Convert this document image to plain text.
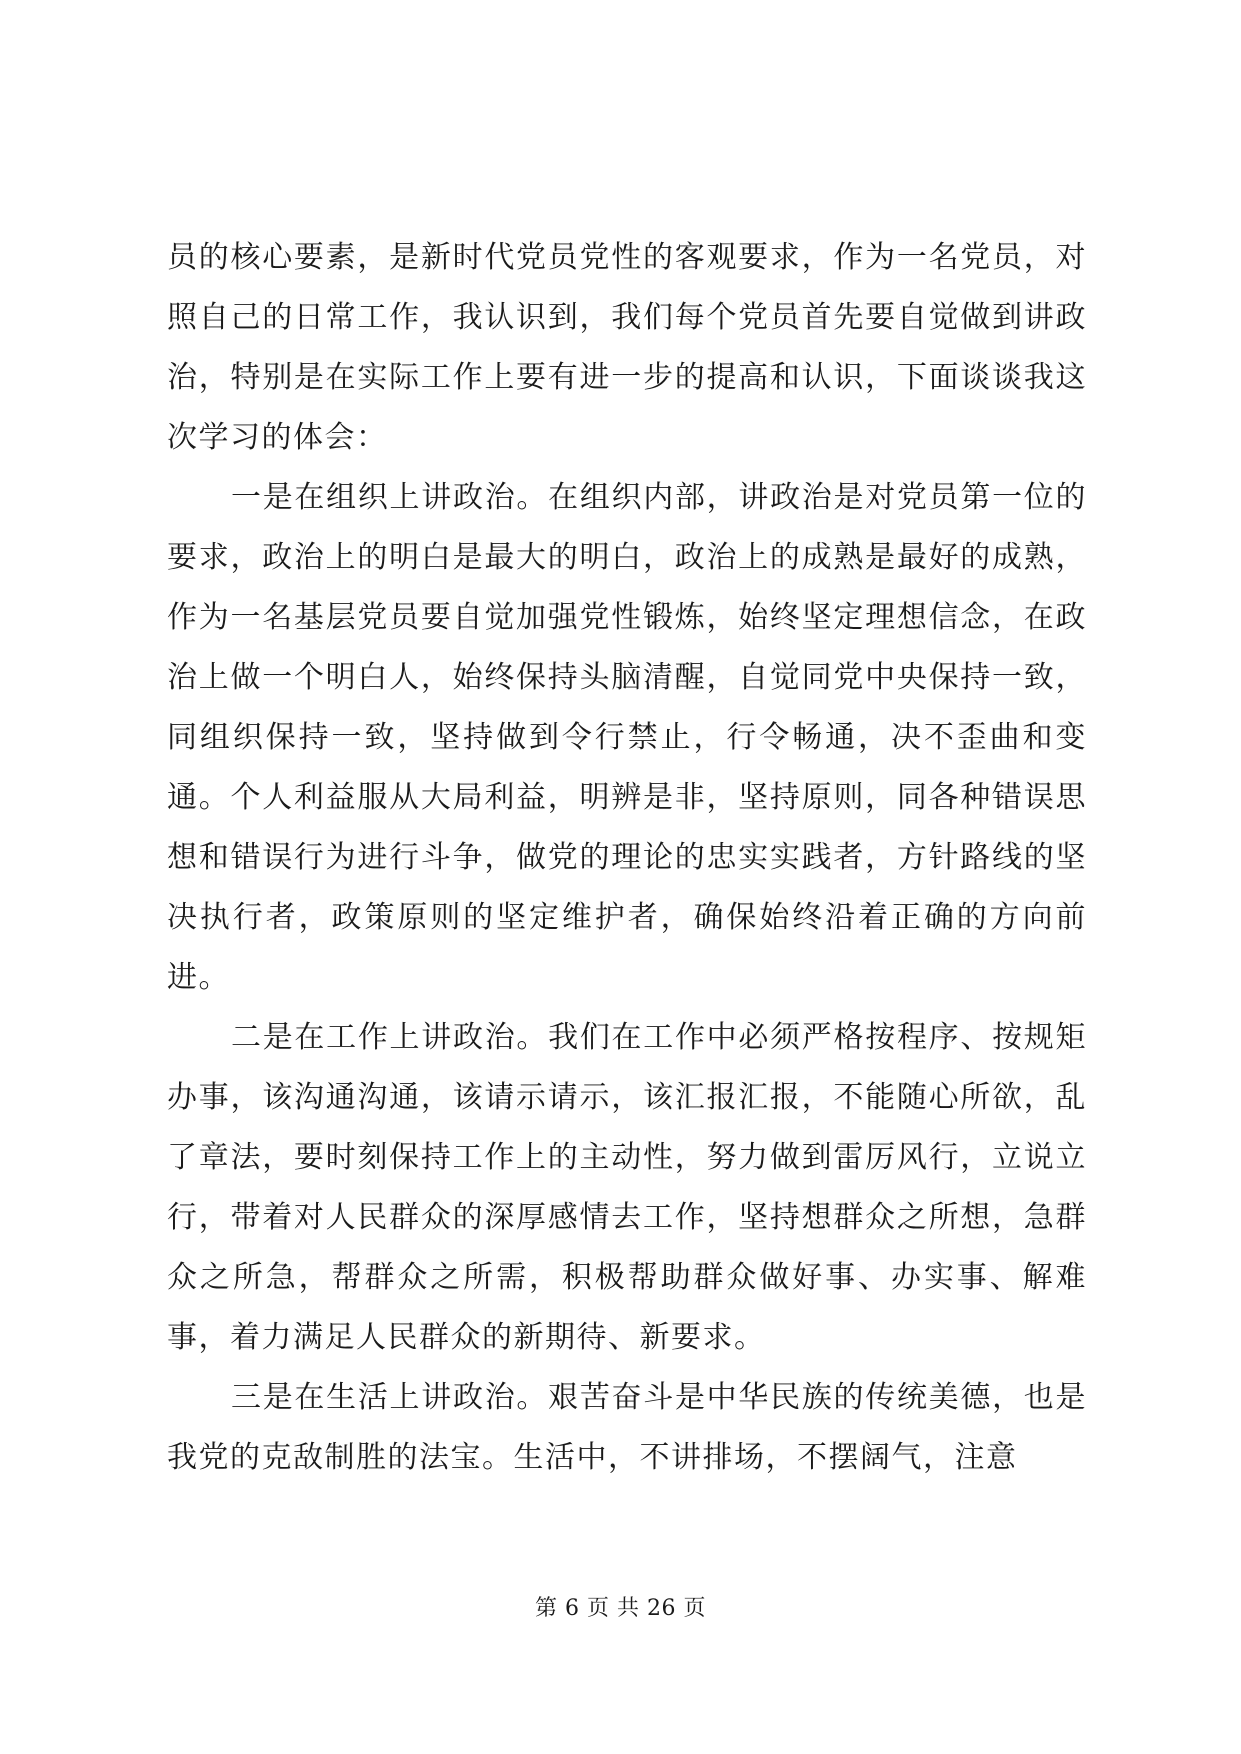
员的核心要素，是新时代党员党性的客观要求，作为一名党员，对照自己的日常工作，我认识到，我们每个党员首先要自觉做到讲政治，特别是在实际工作上要有进一步的提高和认识，下面谈谈我这次学习的体会：

一是在组织上讲政治。在组织内部，讲政治是对党员第一位的要求，政治上的明白是最大的明白，政治上的成熟是最好的成熟，作为一名基层党员要自觉加强党性锻炼，始终坚定理想信念，在政治上做一个明白人，始终保持头脑清醒，自觉同党中央保持一致，同组织保持一致，坚持做到令行禁止，行令畅通，决不歪曲和变通。个人利益服从大局利益，明辨是非，坚持原则，同各种错误思想和错误行为进行斗争，做党的理论的忠实实践者，方针路线的坚决执行者，政策原则的坚定维护者，确保始终沿着正确的方向前进。

二是在工作上讲政治。我们在工作中必须严格按程序、按规矩办事，该沟通沟通，该请示请示，该汇报汇报，不能随心所欲，乱了章法，要时刻保持工作上的主动性，努力做到雷厉风行，立说立行，带着对人民群众的深厚感情去工作，坚持想群众之所想，急群众之所急，帮群众之所需，积极帮助群众做好事、办实事、解难事，着力满足人民群众的新期待、新要求。

三是在生活上讲政治。艰苦奋斗是中华民族的传统美德，也是我党的克敌制胜的法宝。生活中，不讲排场，不摆阔气，注意

第 6 页 共 26 页
